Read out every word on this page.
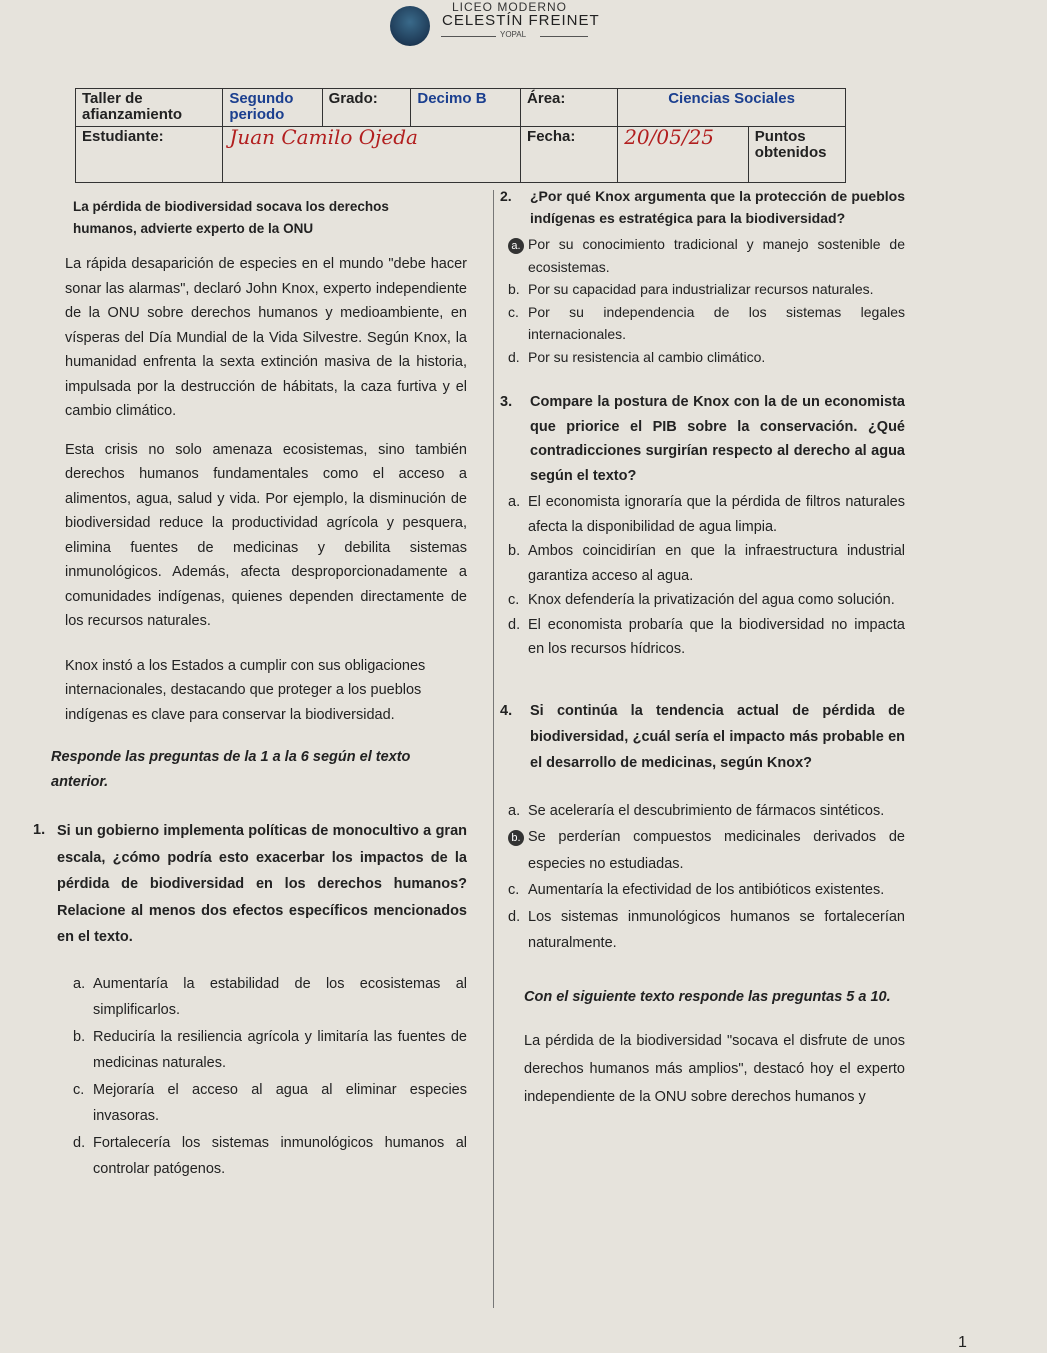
LICEO MODERNO
CELESTÍN FREINET
YOPAL
Taller de afianzamiento	Segundo periodo	Grado:	Decimo B	Área:	Ciencias Sociales	
Estudiante:	Juan Camilo Ojeda			Fecha:	20/05/25	Puntos obtenidos

La pérdida de biodiversidad socava los derechos humanos, advierte experto de la ONU

La rápida desaparición de especies en el mundo "debe hacer sonar las alarmas", declaró John Knox, experto independiente de la ONU sobre derechos humanos y medioambiente, en vísperas del Día Mundial de la Vida Silvestre. Según Knox, la humanidad enfrenta la sexta extinción masiva de la historia, impulsada por la destrucción de hábitats, la caza furtiva y el cambio climático.

Esta crisis no solo amenaza ecosistemas, sino también derechos humanos fundamentales como el acceso a alimentos, agua, salud y vida. Por ejemplo, la disminución de biodiversidad reduce la productividad agrícola y pesquera, elimina fuentes de medicinas y debilita sistemas inmunológicos. Además, afecta desproporcionadamente a comunidades indígenas, quienes dependen directamente de los recursos naturales.

Knox instó a los Estados a cumplir con sus obligaciones internacionales, destacando que proteger a los pueblos indígenas es clave para conservar la biodiversidad.

Responde las preguntas de la 1 a la 6 según el texto anterior.

1. Si un gobierno implementa políticas de monocultivo a gran escala, ¿cómo podría esto exacerbar los impactos de la pérdida de biodiversidad en los derechos humanos? Relacione al menos dos efectos específicos mencionados en el texto.

a. Aumentaría la estabilidad de los ecosistemas al simplificarlos.
b. Reduciría la resiliencia agrícola y limitaría las fuentes de medicinas naturales.
c. Mejoraría el acceso al agua al eliminar especies invasoras.
d. Fortalecería los sistemas inmunológicos humanos al controlar patógenos.
2. ¿Por qué Knox argumenta que la protección de pueblos indígenas es estratégica para la biodiversidad?

a. Por su conocimiento tradicional y manejo sostenible de ecosistemas.
b. Por su capacidad para industrializar recursos naturales.
c. Por su independencia de los sistemas legales internacionales.
d. Por su resistencia al cambio climático.
3. Compare la postura de Knox con la de un economista que priorice el PIB sobre la conservación. ¿Qué contradicciones surgirían respecto al derecho al agua según el texto?

a. El economista ignoraría que la pérdida de filtros naturales afecta la disponibilidad de agua limpia.
b. Ambos coincidirían en que la infraestructura industrial garantiza acceso al agua.
c. Knox defendería la privatización del agua como solución.
d. El economista probaría que la biodiversidad no impacta en los recursos hídricos.
4. Si continúa la tendencia actual de pérdida de biodiversidad, ¿cuál sería el impacto más probable en el desarrollo de medicinas, según Knox?

a. Se aceleraría el descubrimiento de fármacos sintéticos.
b. Se perderían compuestos medicinales derivados de especies no estudiadas.
c. Aumentaría la efectividad de los antibióticos existentes.
d. Los sistemas inmunológicos humanos se fortalecerían naturalmente.

Con el siguiente texto responde las preguntas 5 a 10.

La pérdida de la biodiversidad "socava el disfrute de unos derechos humanos más amplios", destacó hoy el experto independiente de la ONU sobre derechos humanos y

1
